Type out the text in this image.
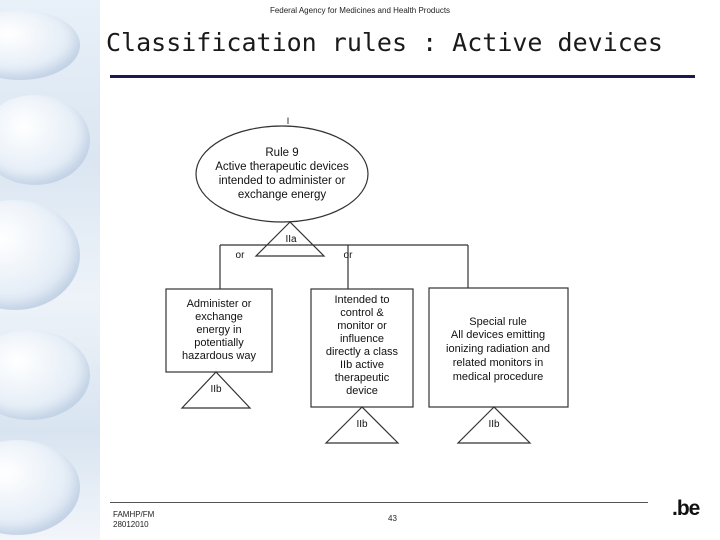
Federal Agency for Medicines and Health Products
Classification rules : Active devices
I
Rule 9
Active therapeutic devices
intended to administer or
exchange energy
IIa
or	or
Administer or
exchange
energy in
potentially
hazardous way
IIb
Intended to
control &
monitor or
influence
directly a class
IIb active
therapeutic
device
IIb
Special rule
All devices emitting
ionizing radiation and
related monitors in
medical procedure
IIb
FAMHP/FM
28012010
43	.be
